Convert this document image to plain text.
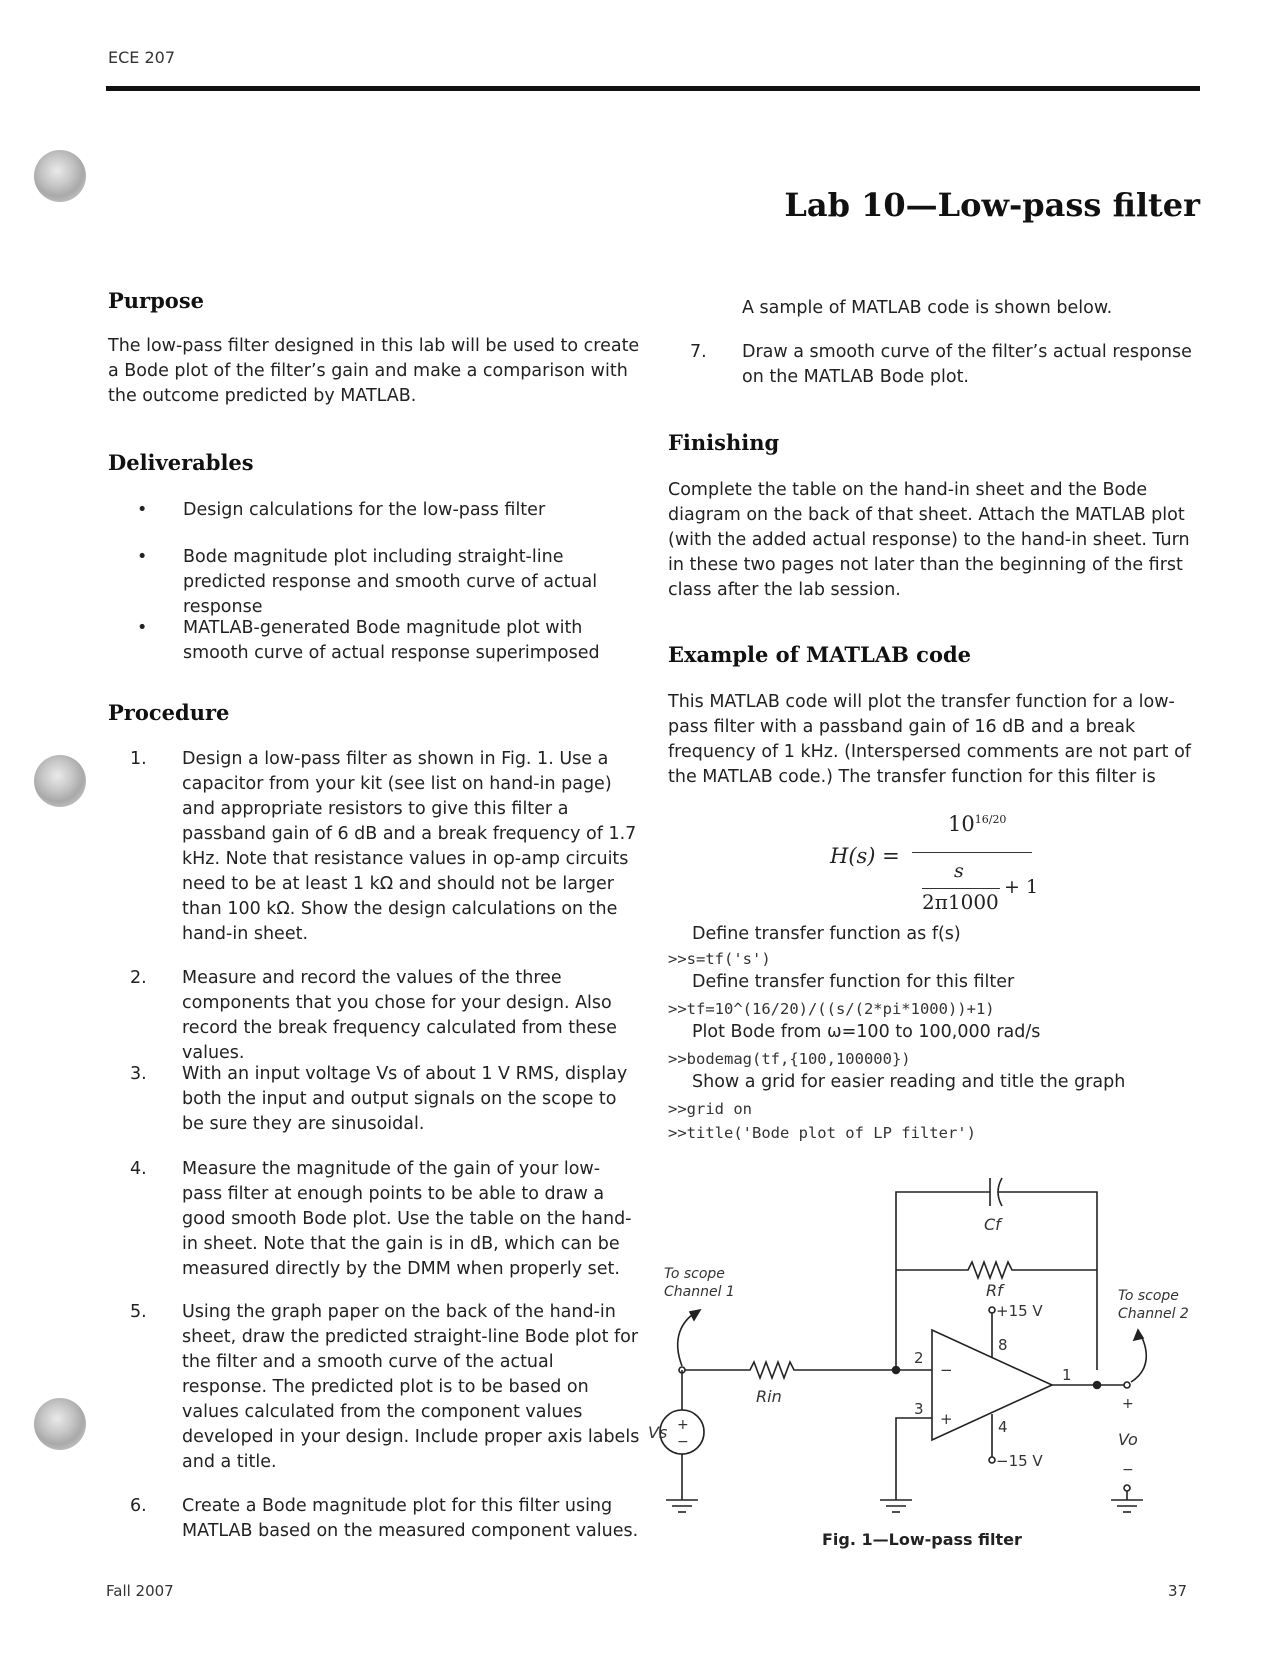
ECE 207
Lab 10—Low-pass filter
Purpose
The low-pass filter designed in this lab will be used to create a Bode plot of the filter’s gain and make a comparison with the outcome predicted by MATLAB.
Deliverables
• Design calculations for the low-pass filter
• Bode magnitude plot including straight-line predicted response and smooth curve of actual response
• MATLAB-generated Bode magnitude plot with smooth curve of actual response superimposed
Procedure
1. Design a low-pass filter as shown in Fig. 1. Use a capacitor from your kit (see list on hand-in page) and appropriate resistors to give this filter a passband gain of 6 dB and a break frequency of 1.7 kHz. Note that resistance values in op-amp circuits need to be at least 1 kΩ and should not be larger than 100 kΩ. Show the design calculations on the hand-in sheet.
2. Measure and record the values of the three components that you chose for your design. Also record the break frequency calculated from these values.
3. With an input voltage Vs of about 1 V RMS, display both the input and output signals on the scope to be sure they are sinusoidal.
4. Measure the magnitude of the gain of your low-pass filter at enough points to be able to draw a good smooth Bode plot. Use the table on the hand-in sheet. Note that the gain is in dB, which can be measured directly by the DMM when properly set.
5. Using the graph paper on the back of the hand-in sheet, draw the predicted straight-line Bode plot for the filter and a smooth curve of the actual response. The predicted plot is to be based on values calculated from the component values developed in your design. Include proper axis labels and a title.
6. Create a Bode magnitude plot for this filter using MATLAB based on the measured component values.
A sample of MATLAB code is shown below.
7. Draw a smooth curve of the filter’s actual response on the MATLAB Bode plot.
Finishing
Complete the table on the hand-in sheet and the Bode diagram on the back of that sheet. Attach the MATLAB plot (with the added actual response) to the hand-in sheet. Turn in these two pages not later than the beginning of the first class after the lab session.
Example of MATLAB code
This MATLAB code will plot the transfer function for a low-pass filter with a passband gain of 16 dB and a break frequency of 1 kHz. (Interspersed comments are not part of the MATLAB code.) The transfer function for this filter is
H(s) =
$10^{16/20}$
s
2π1000
+ 1
Define transfer function as f(s)
>>s=tf('s')
Define transfer function for this filter
>>tf=10^(16/20)/((s/(2*pi*1000))+1)
Plot Bode from ω=100 to 100,000 rad/s
>>bodemag(tf,{100,100000})
Show a grid for easier reading and title the graph
>>grid on
>>title('Bode plot of LP filter')
Cf
Rf
−
+
2
3
8
4
1
+15 V
−15 V
Rin
+
−
Vs
+
−
Vo
To scope
Channel 1	To scope
Channel 2
Fig. 1—Low-pass filter
Fall 2007	37
